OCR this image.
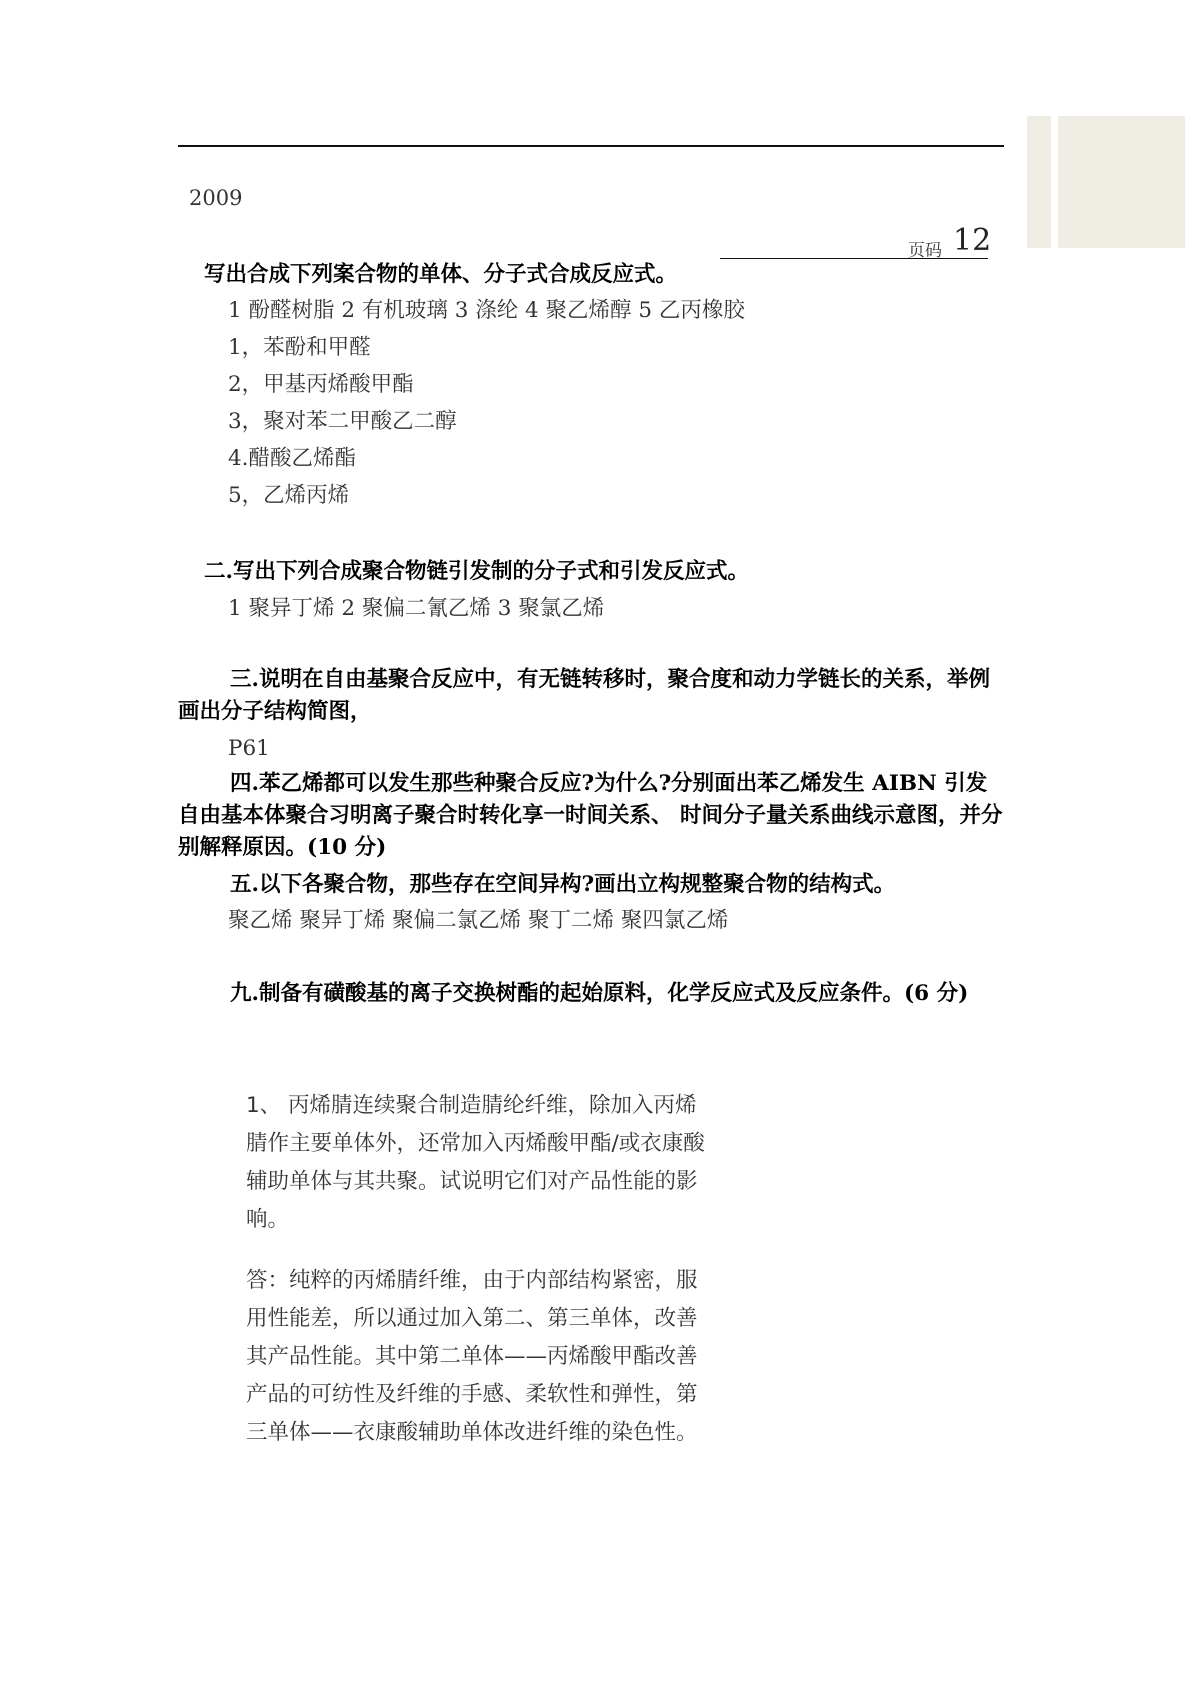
2009
页码 12
写出合成下列案合物的单体、分子式合成反应式。
1 酚醛树脂 2 有机玻璃 3 涤纶 4 聚乙烯醇 5 乙丙橡胶
1，苯酚和甲醛
2，甲基丙烯酸甲酯
3，聚对苯二甲酸乙二醇
4.醋酸乙烯酯
5，乙烯丙烯
二.写出下列合成聚合物链引发制的分子式和引发反应式。
1 聚异丁烯 2 聚偏二氰乙烯 3 聚氯乙烯
三.说明在自由基聚合反应中，有无链转移时，聚合度和动力学链长的关系，举例画出分子结构简图，
P61
四.苯乙烯都可以发生那些种聚合反应?为什么?分别面出苯乙烯发生 AIBN 引发自由基本体聚合习明离子聚合时转化享一时间关系、 时间分子量关系曲线示意图，并分别解释原因。(10 分)
五.以下各聚合物，那些存在空间异构?画出立构规整聚合物的结构式。
聚乙烯 聚异丁烯 聚偏二氯乙烯 聚丁二烯 聚四氯乙烯
九.制备有磺酸基的离子交换树酯的起始原料，化学反应式及反应条件。(6 分)
1、 丙烯腈连续聚合制造腈纶纤维，除加入丙烯腈作主要单体外，还常加入丙烯酸甲酯/或衣康酸辅助单体与其共聚。试说明它们对产品性能的影响。
答：纯粹的丙烯腈纤维，由于内部结构紧密，服用性能差，所以通过加入第二、第三单体，改善其产品性能。其中第二单体——丙烯酸甲酯改善产品的可纺性及纤维的手感、柔软性和弹性，第三单体——衣康酸辅助单体改进纤维的染色性。
